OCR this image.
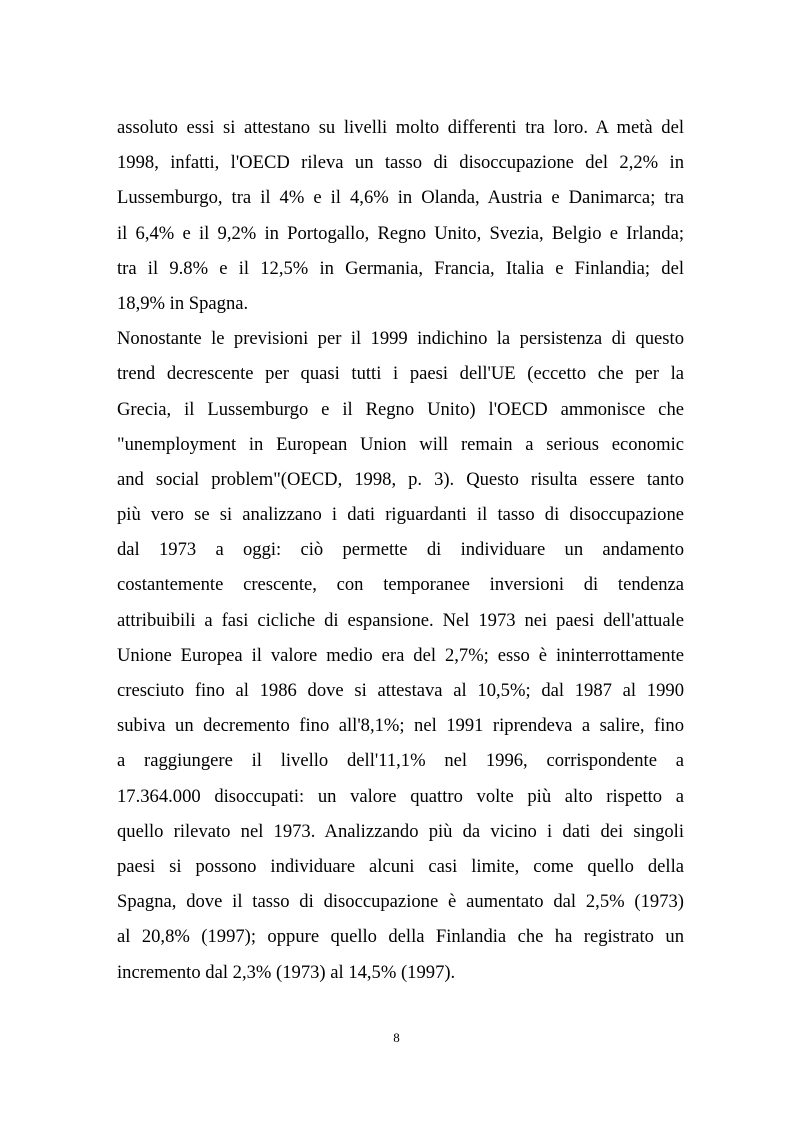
assoluto essi si attestano su livelli molto differenti tra loro. A metà del
1998, infatti, l'OECD rileva un tasso di disoccupazione del 2,2% in
Lussemburgo, tra il 4% e il 4,6% in Olanda, Austria e Danimarca; tra
il 6,4% e il 9,2% in Portogallo, Regno Unito, Svezia, Belgio e Irlanda;
tra il 9.8% e il 12,5% in Germania, Francia, Italia e Finlandia; del
18,9% in Spagna.
Nonostante le previsioni per il 1999 indichino la persistenza di questo
trend decrescente per quasi tutti i paesi dell'UE (eccetto che per la
Grecia, il Lussemburgo e il Regno Unito) l'OECD ammonisce che
"unemployment in European Union will remain a serious economic
and social problem"(OECD, 1998, p. 3). Questo risulta essere tanto
più vero se si analizzano i dati riguardanti il tasso di disoccupazione
dal 1973 a oggi: ciò permette di individuare un andamento
costantemente crescente, con temporanee inversioni di tendenza
attribuibili a fasi cicliche di espansione. Nel 1973 nei paesi dell'attuale
Unione Europea il valore medio era del 2,7%; esso è ininterrottamente
cresciuto fino al 1986 dove si attestava al 10,5%; dal 1987 al 1990
subiva un decremento fino all'8,1%; nel 1991 riprendeva a salire, fino
a raggiungere il livello dell'11,1% nel 1996, corrispondente a
17.364.000 disoccupati: un valore quattro volte più alto rispetto a
quello rilevato nel 1973. Analizzando più da vicino i dati dei singoli
paesi si possono individuare alcuni casi limite, come quello della
Spagna, dove il tasso di disoccupazione è aumentato dal 2,5% (1973)
al 20,8% (1997); oppure quello della Finlandia che ha registrato un
incremento dal 2,3% (1973) al 14,5% (1997).
8
